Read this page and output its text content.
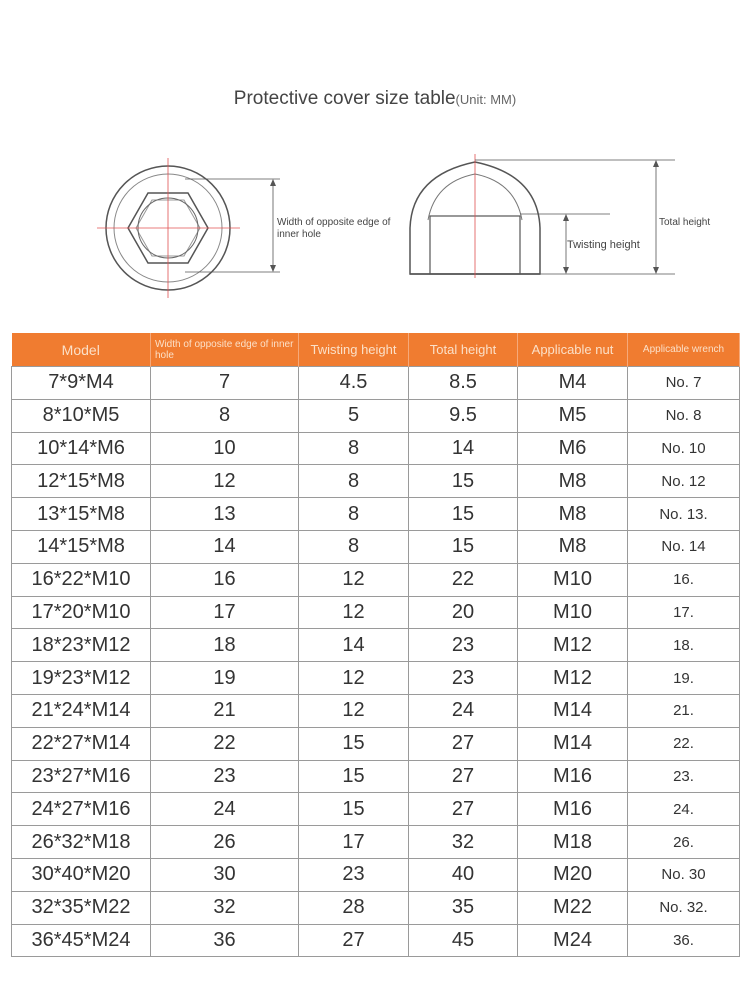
Protective cover size table(Unit: MM)
Width of opposite edge of inner hole
Twisting height
Total height
Model	Width of opposite edge of inner hole	Twisting height	Total height	Applicable nut	Applicable wrench
7*9*M4	7	4.5	8.5	M4	No. 7
8*10*M5	8	5	9.5	M5	No. 8
10*14*M6	10	8	14	M6	No. 10
12*15*M8	12	8	15	M8	No. 12
13*15*M8	13	8	15	M8	No. 13.
14*15*M8	14	8	15	M8	No. 14
16*22*M10	16	12	22	M10	16.
17*20*M10	17	12	20	M10	17.
18*23*M12	18	14	23	M12	18.
19*23*M12	19	12	23	M12	19.
21*24*M14	21	12	24	M14	21.
22*27*M14	22	15	27	M14	22.
23*27*M16	23	15	27	M16	23.
24*27*M16	24	15	27	M16	24.
26*32*M18	26	17	32	M18	26.
30*40*M20	30	23	40	M20	No. 30
32*35*M22	32	28	35	M22	No. 32.
36*45*M24	36	27	45	M24	36.
